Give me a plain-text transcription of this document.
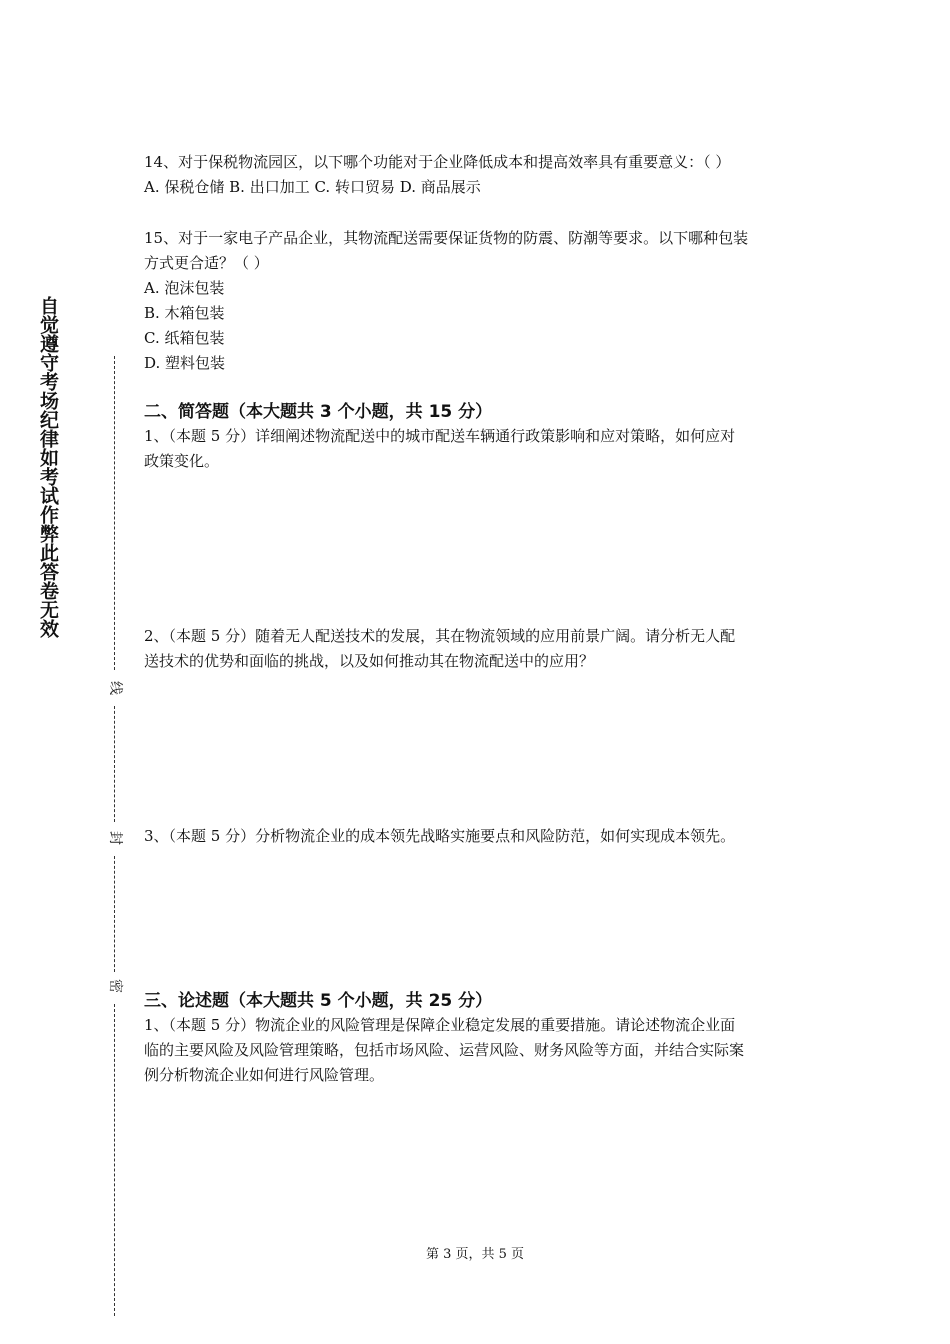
自觉遵守考场纪律如考试作弊此答卷无效
线
封
密

14、对于保税物流园区，以下哪个功能对于企业降低成本和提高效率具有重要意义：（ ）

A. 保税仓储 B. 出口加工 C. 转口贸易 D. 商品展示

15、对于一家电子产品企业，其物流配送需要保证货物的防震、防潮等要求。以下哪种包装

方式更合适？（ ）

A. 泡沫包装

B. 木箱包装

C. 纸箱包装

D. 塑料包装

二、简答题（本大题共 3 个小题，共 15 分）

1、（本题 5 分）详细阐述物流配送中的城市配送车辆通行政策影响和应对策略，如何应对

政策变化。

2、（本题 5 分）随着无人配送技术的发展，其在物流领域的应用前景广阔。请分析无人配

送技术的优势和面临的挑战，以及如何推动其在物流配送中的应用？

3、（本题 5 分）分析物流企业的成本领先战略实施要点和风险防范，如何实现成本领先。

三、论述题（本大题共 5 个小题，共 25 分）

1、（本题 5 分）物流企业的风险管理是保障企业稳定发展的重要措施。请论述物流企业面

临的主要风险及风险管理策略，包括市场风险、运营风险、财务风险等方面，并结合实际案

例分析物流企业如何进行风险管理。

第 3 页，共 5 页
